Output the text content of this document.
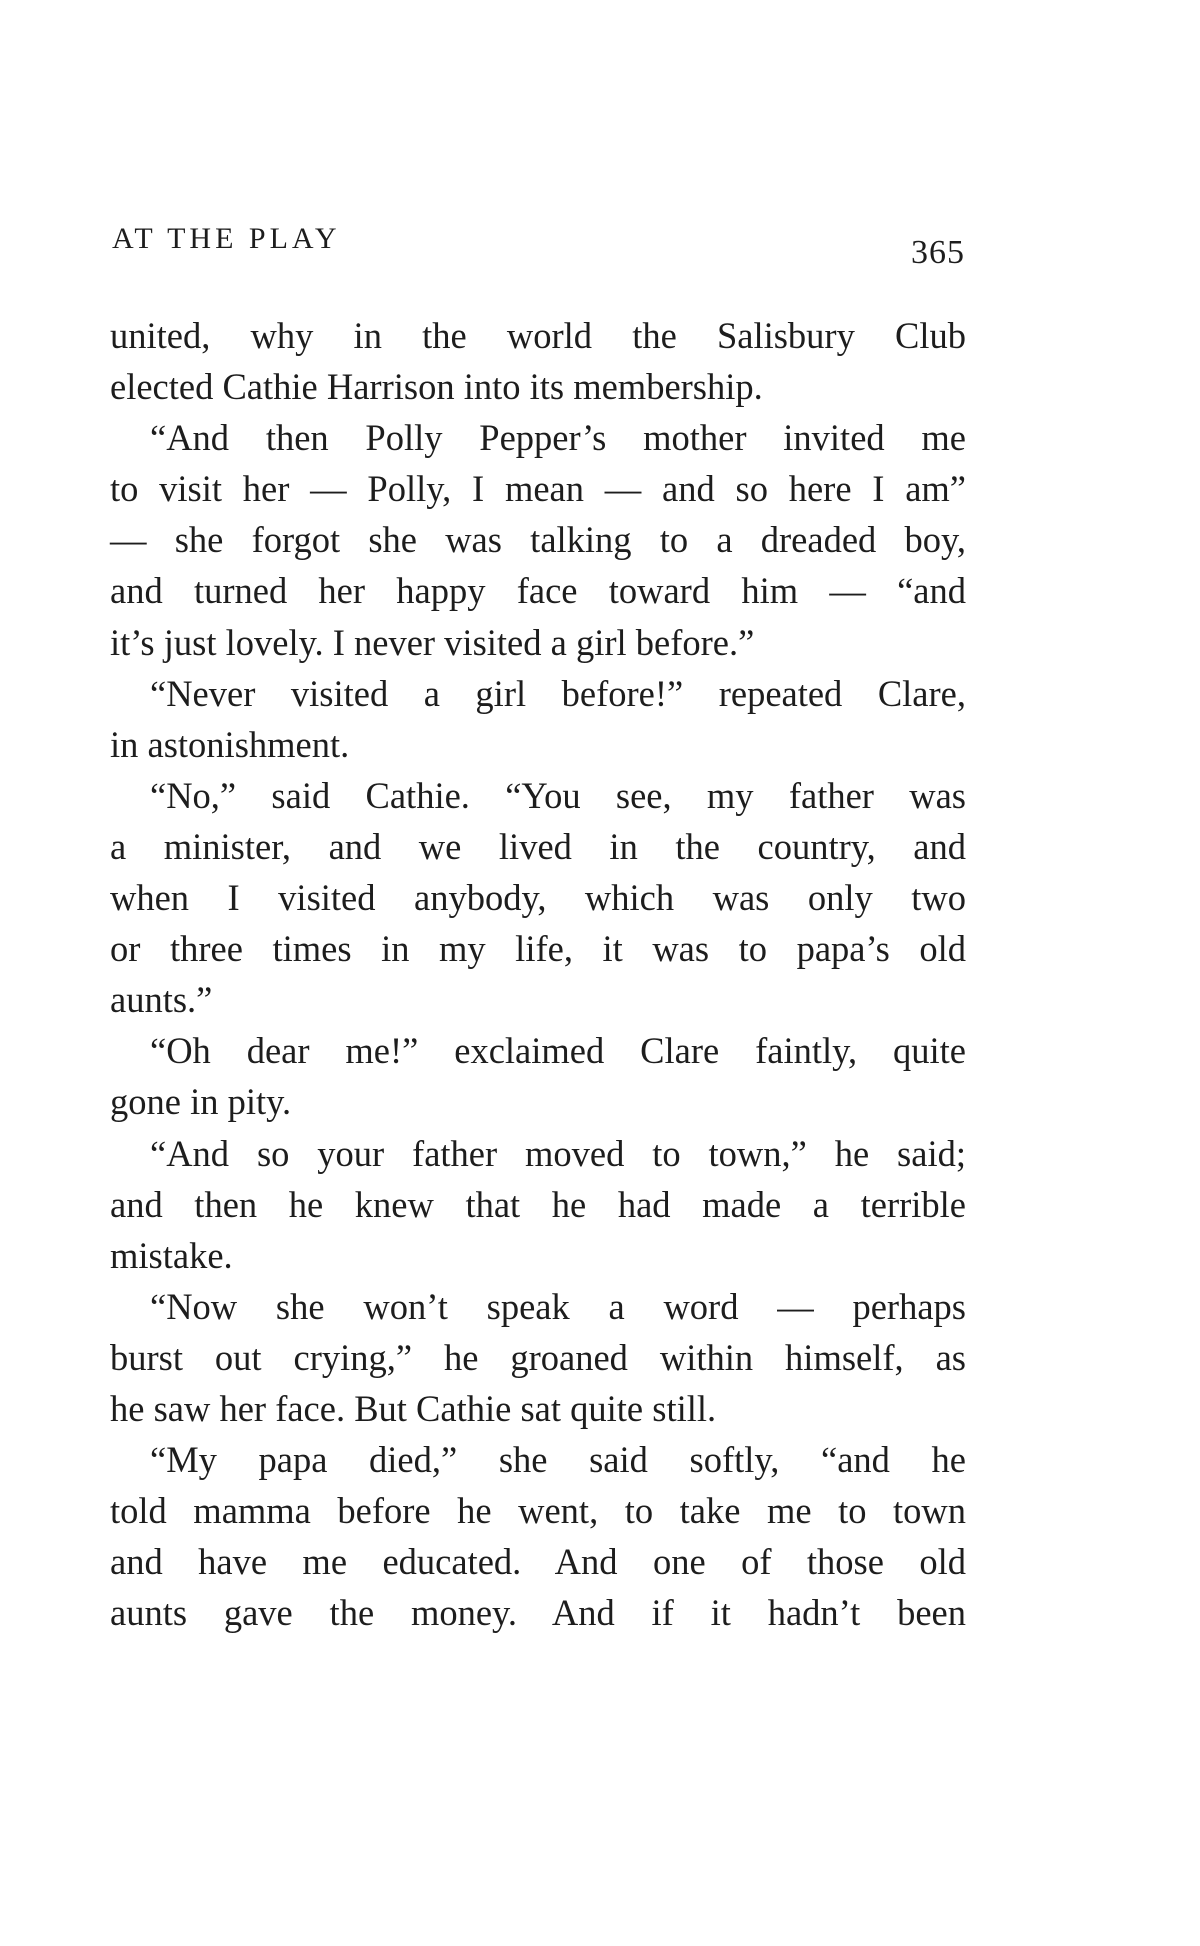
AT THE PLAY	365
united, why in the world the Salisbury Club
elected Cathie Harrison into its membership.
“And then Polly Pepper’s mother invited me
to visit her — Polly, I mean — and so here I am”
— she forgot she was talking to a dreaded boy,
and turned her happy face toward him — “and
it’s just lovely. I never visited a girl before.”
“Never visited a girl before!” repeated Clare,
in astonishment.
“No,” said Cathie. “You see, my father was
a minister, and we lived in the country, and
when I visited anybody, which was only two
or three times in my life, it was to papa’s old
aunts.”
“Oh dear me!” exclaimed Clare faintly, quite
gone in pity.
“And so your father moved to town,” he said;
and then he knew that he had made a terrible
mistake.
“Now she won’t speak a word — perhaps
burst out crying,” he groaned within himself, as
he saw her face. But Cathie sat quite still.
“My papa died,” she said softly, “and he
told mamma before he went, to take me to town
and have me educated. And one of those old
aunts gave the money. And if it hadn’t been
